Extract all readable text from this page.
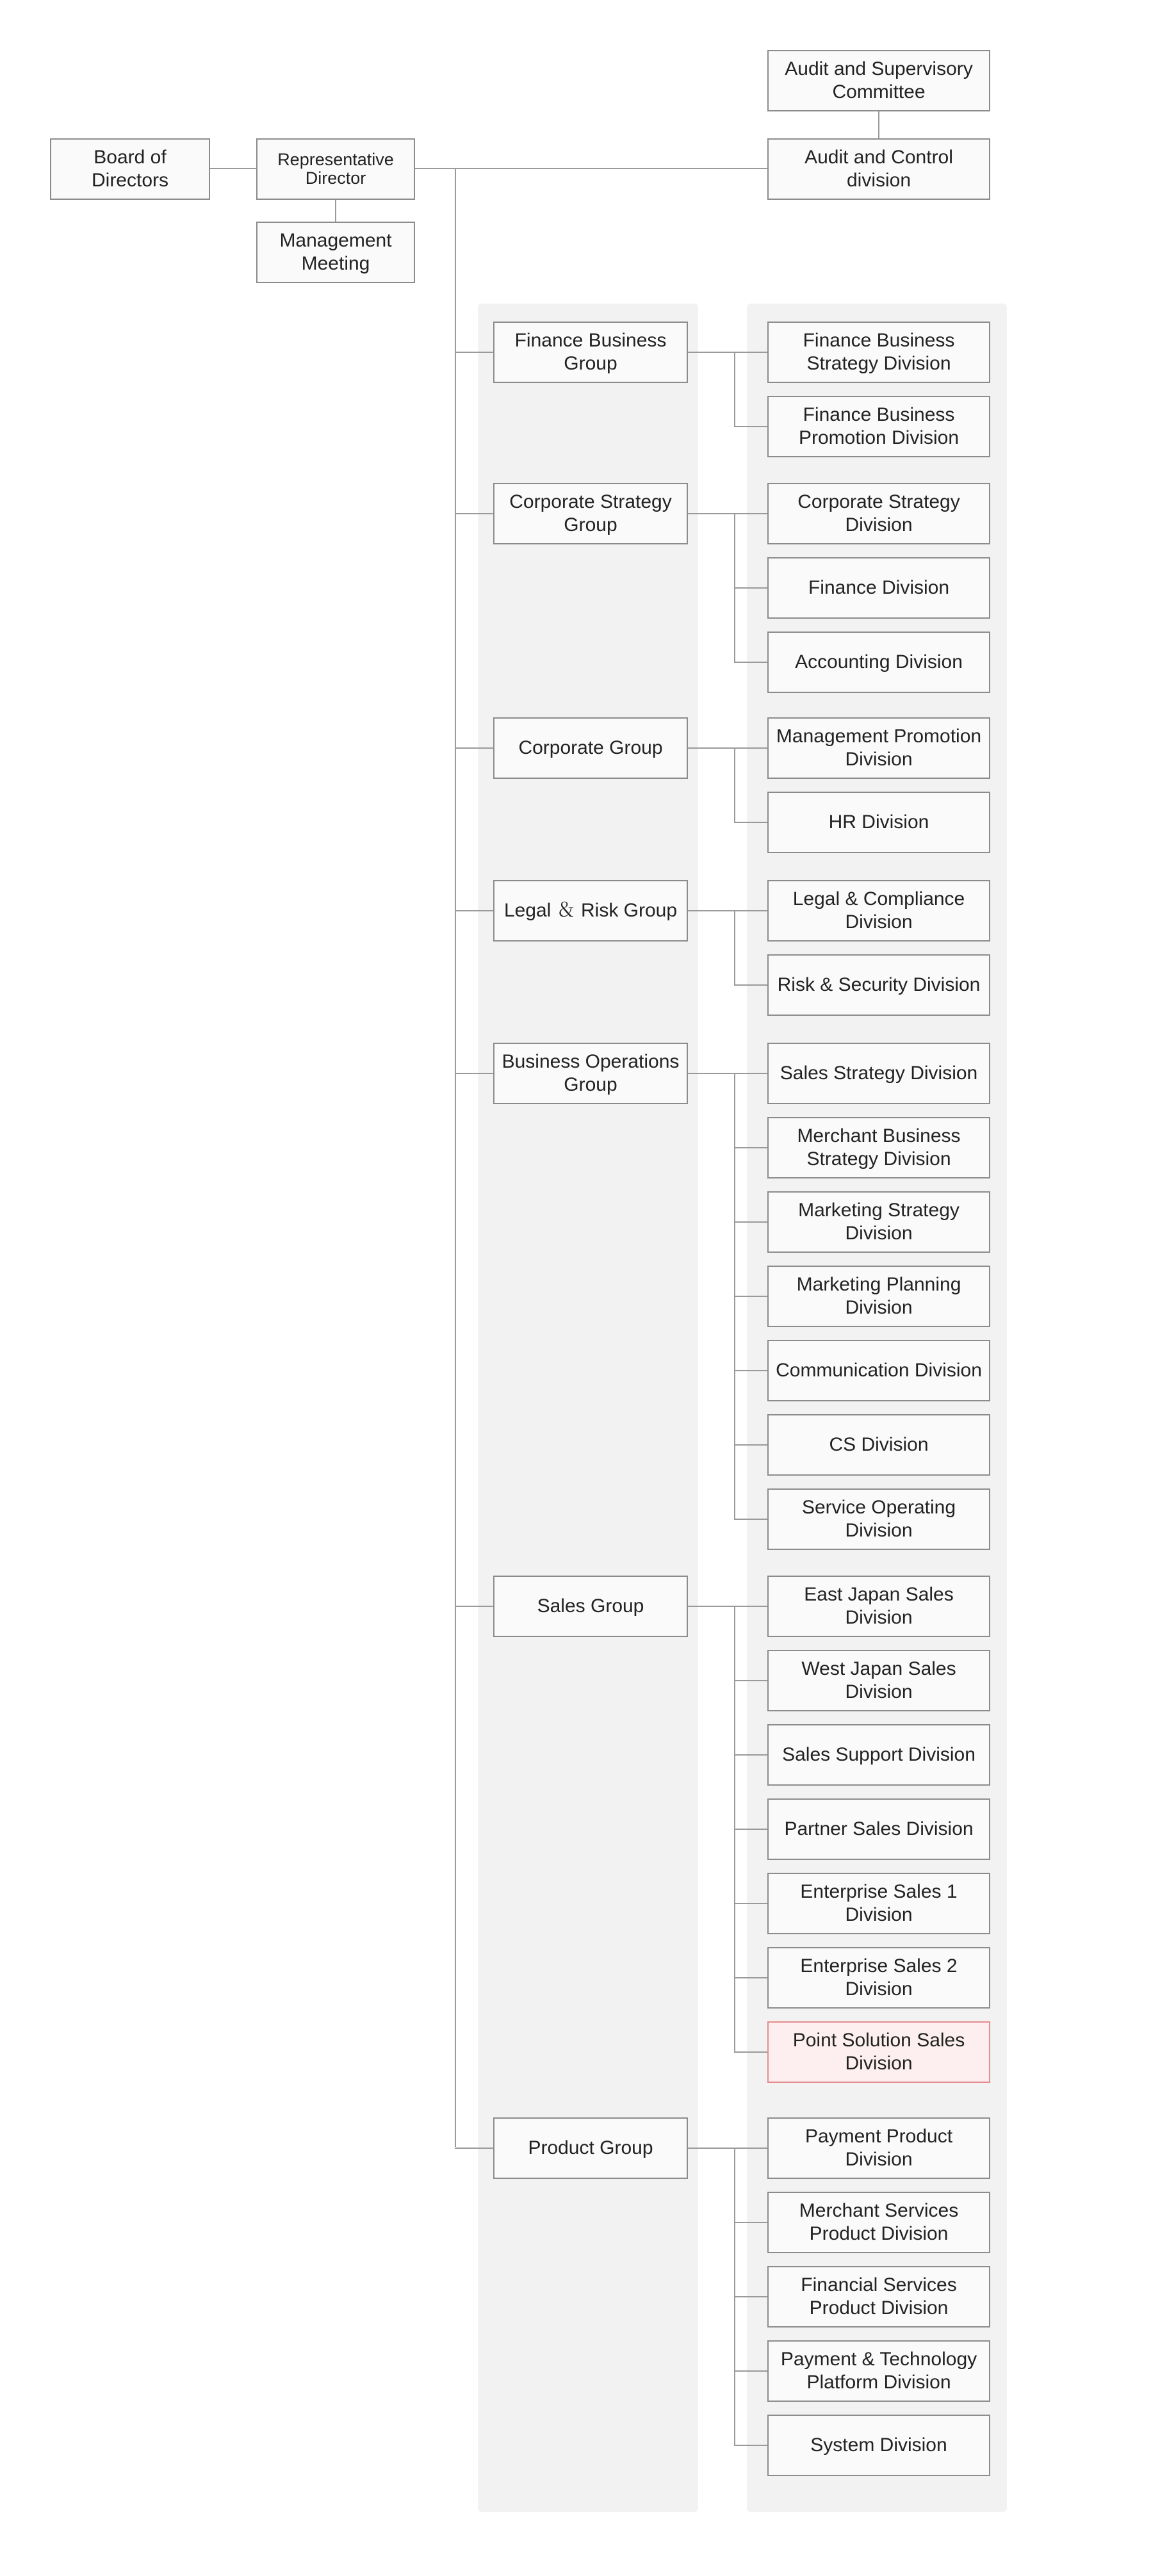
Board of Directors
Representative Director
Management Meeting
Audit and Supervisory Committee
Audit and Control division
Finance Business Group
Finance Business Strategy Division
Finance Business Promotion Division
Corporate Strategy Group
Corporate Strategy Division
Finance Division
Accounting Division
Corporate Group
Management Promotion Division
HR Division
Legal ＆ Risk Group
Legal & Compliance Division
Risk & Security Division
Business Operations Group
Sales Strategy Division
Merchant Business Strategy Division
Marketing Strategy Division
Marketing Planning Division
Communication Division
CS Division
Service Operating Division
Sales Group
East Japan Sales Division
West Japan Sales Division
Sales Support Division
Partner Sales Division
Enterprise Sales 1 Division
Enterprise Sales 2 Division
Point Solution Sales Division
Product Group
Payment Product Division
Merchant Services Product Division
Financial Services Product Division
Payment & Technology Platform Division
System Division
